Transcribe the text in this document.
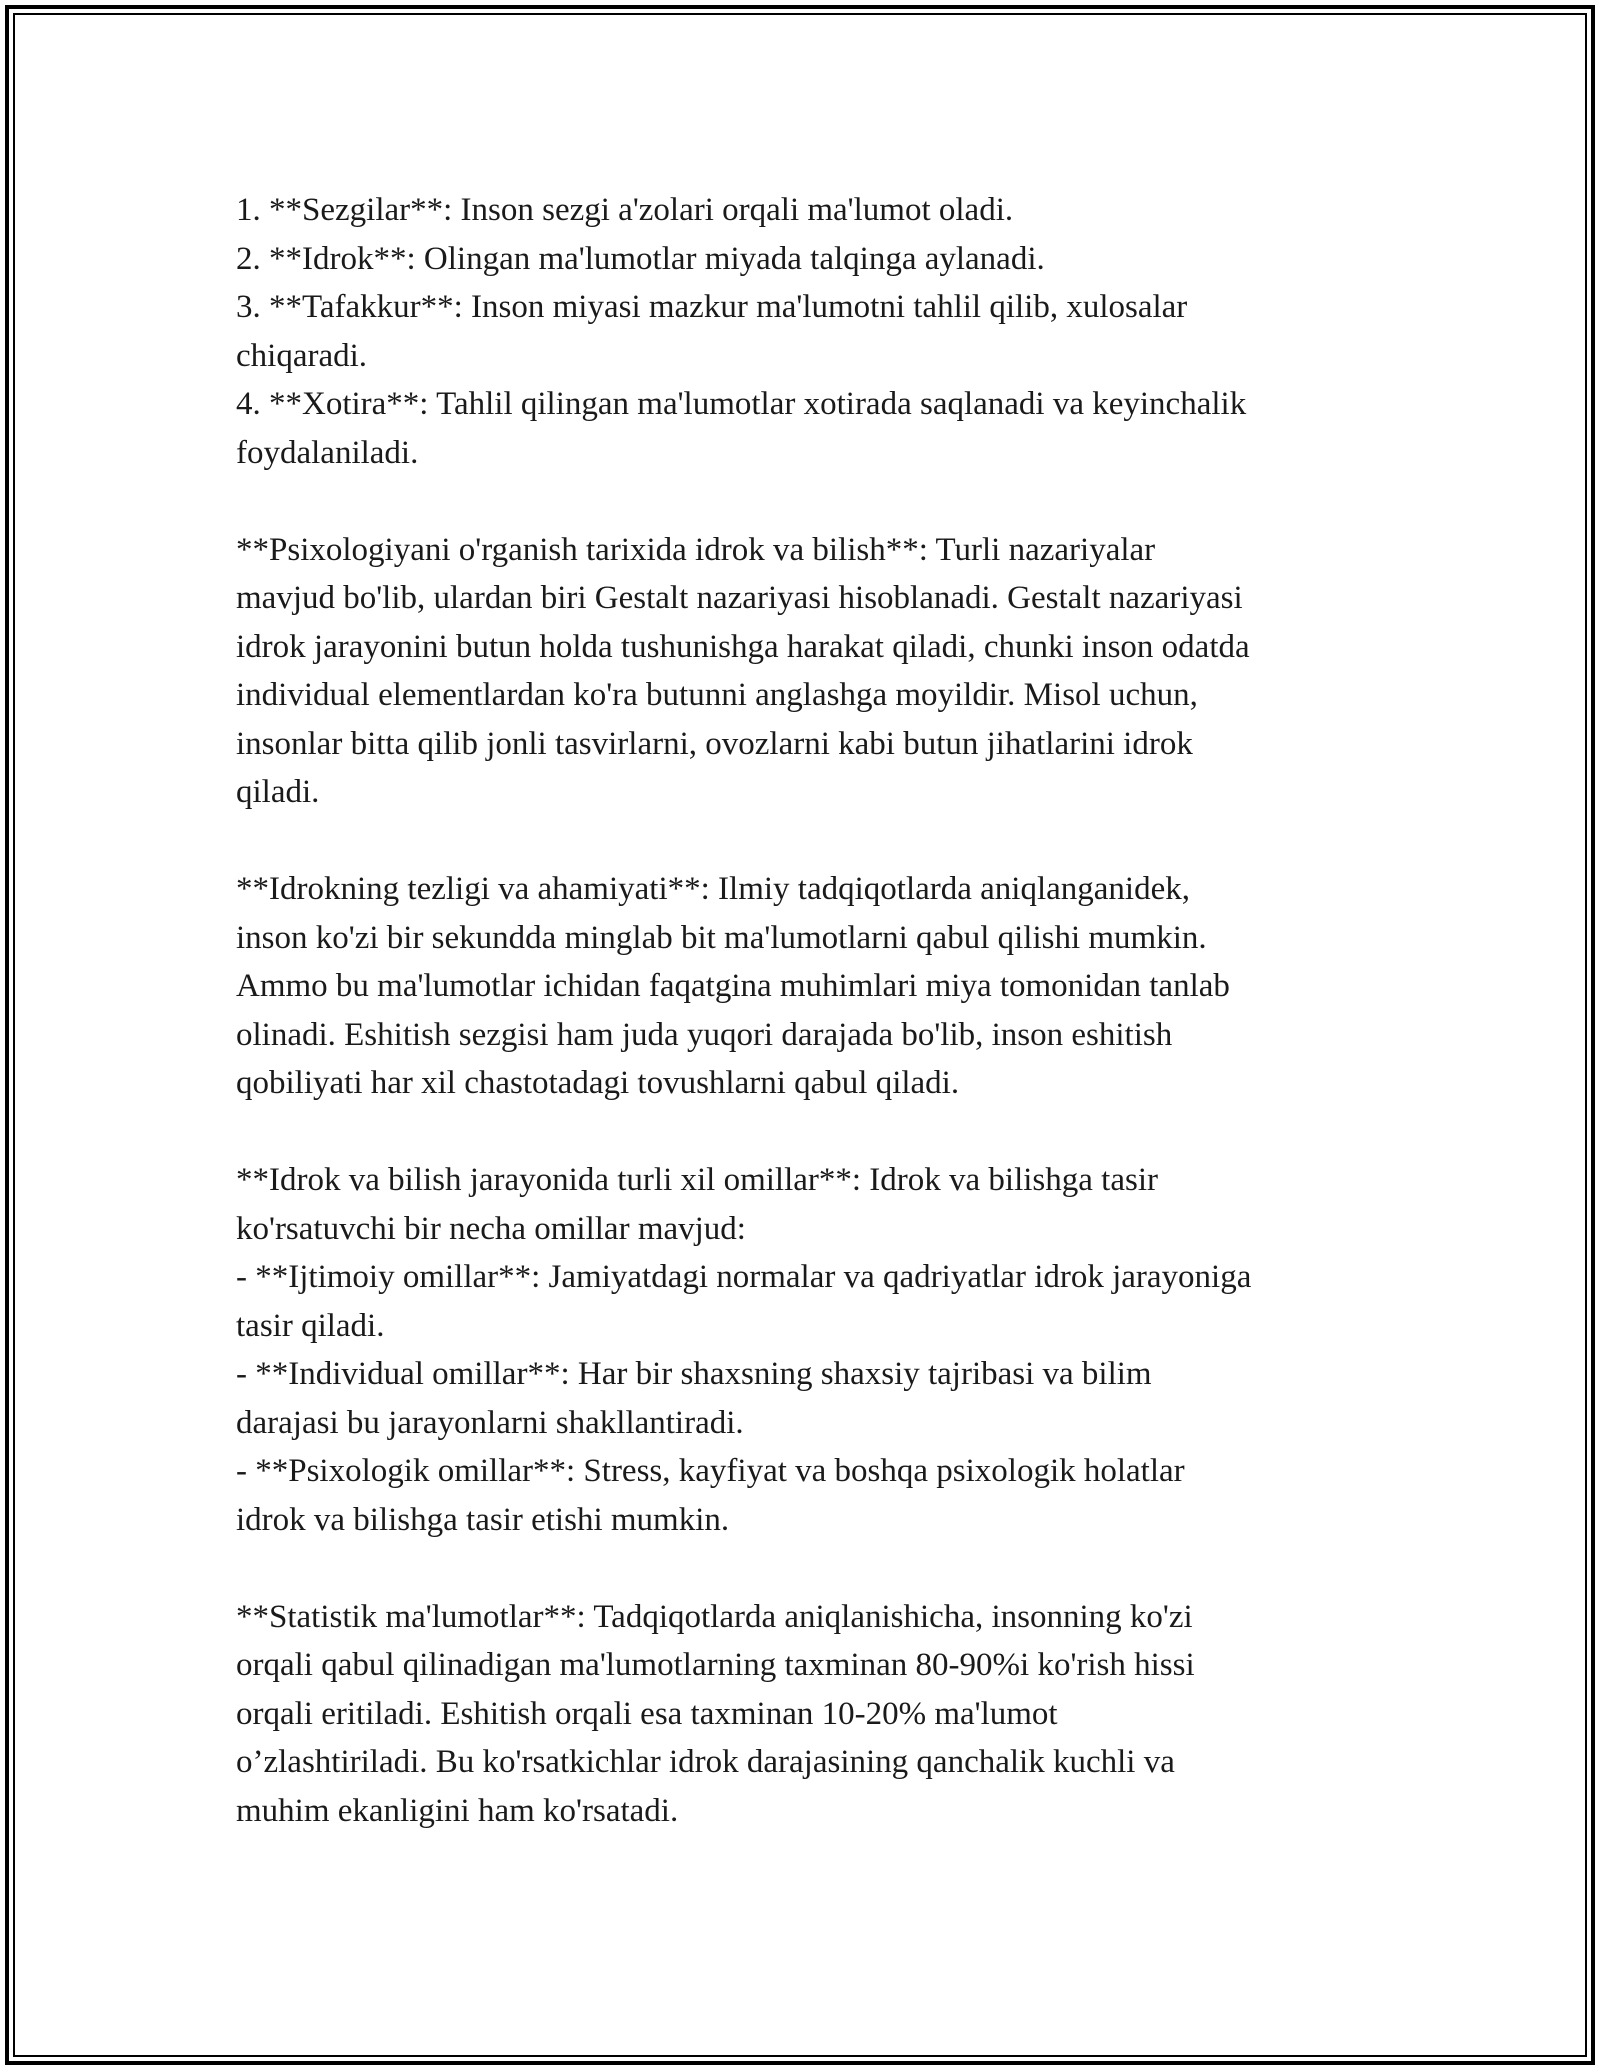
1. **Sezgilar**: Inson sezgi a'zolari orqali ma'lumot oladi.
2. **Idrok**: Olingan ma'lumotlar miyada talqinga aylanadi.
3. **Tafakkur**: Inson miyasi mazkur ma'lumotni tahlil qilib, xulosalar
chiqaradi.
4. **Xotira**: Tahlil qilingan ma'lumotlar xotirada saqlanadi va keyinchalik
foydalaniladi.
**Psixologiyani o'rganish tarixida idrok va bilish**: Turli nazariyalar
mavjud bo'lib, ulardan biri Gestalt nazariyasi hisoblanadi. Gestalt nazariyasi
idrok jarayonini butun holda tushunishga harakat qiladi, chunki inson odatda
individual elementlardan ko'ra butunni anglashga moyildir. Misol uchun,
insonlar bitta qilib jonli tasvirlarni, ovozlarni kabi butun jihatlarini idrok
qiladi.
**Idrokning tezligi va ahamiyati**: Ilmiy tadqiqotlarda aniqlanganidek,
inson ko'zi bir sekundda minglab bit ma'lumotlarni qabul qilishi mumkin.
Ammo bu ma'lumotlar ichidan faqatgina muhimlari miya tomonidan tanlab
olinadi. Eshitish sezgisi ham juda yuqori darajada bo'lib, inson eshitish
qobiliyati har xil chastotadagi tovushlarni qabul qiladi.
**Idrok va bilish jarayonida turli xil omillar**: Idrok va bilishga tasir
ko'rsatuvchi bir necha omillar mavjud:
- **Ijtimoiy omillar**: Jamiyatdagi normalar va qadriyatlar idrok jarayoniga
tasir qiladi.
- **Individual omillar**: Har bir shaxsning shaxsiy tajribasi va bilim
darajasi bu jarayonlarni shakllantiradi.
- **Psixologik omillar**: Stress, kayfiyat va boshqa psixologik holatlar
idrok va bilishga tasir etishi mumkin.
**Statistik ma'lumotlar**: Tadqiqotlarda aniqlanishicha, insonning ko'zi
orqali qabul qilinadigan ma'lumotlarning taxminan 80-90%i ko'rish hissi
orqali eritiladi. Eshitish orqali esa taxminan 10-20% ma'lumot
o’zlashtiriladi. Bu ko'rsatkichlar idrok darajasining qanchalik kuchli va
muhim ekanligini ham ko'rsatadi.
